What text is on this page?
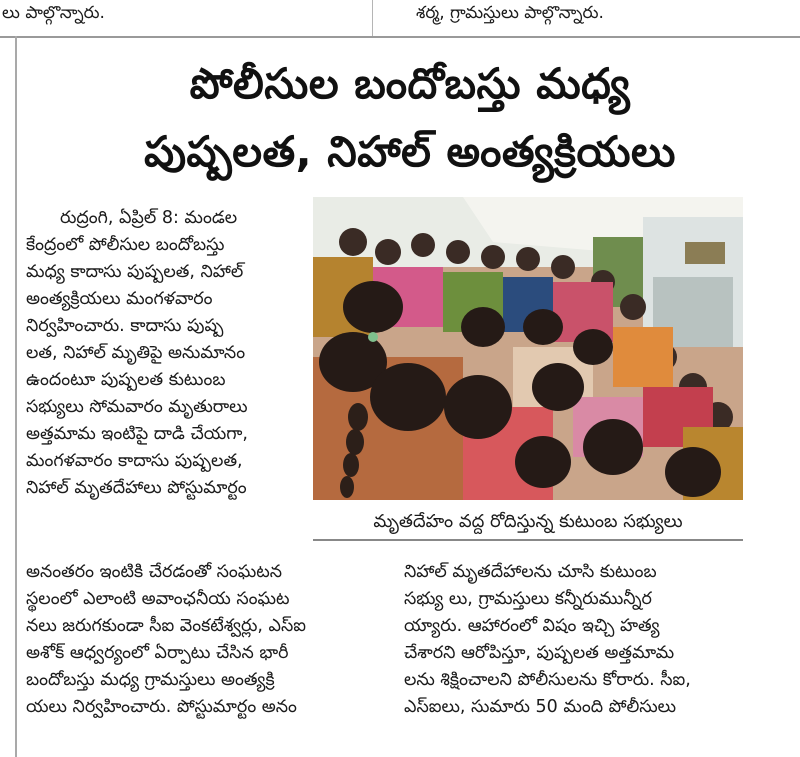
లు పాల్గొన్నారు.	శర్మ, గ్రామస్తులు పాల్గొన్నారు.
పోలీసుల బందోబస్తు మధ్య
పుష్పలత, నిహాల్ అంత్యక్రియలు
రుద్రంగి, ఏప్రిల్ 8: మండల
కేంద్రంలో పోలీసుల బందోబస్తు
మధ్య కాదాసు పుష్పలత, నిహాల్
అంత్యక్రియలు మంగళవారం
నిర్వహించారు. కాదాసు పుష్ప
లత, నిహాల్ మృతిపై అనుమానం
ఉందంటూ పుష్పలత కుటుంబ
సభ్యులు సోమవారం మృతురాలు
అత్తమామ ఇంటిపై దాడి చేయగా,
మంగళవారం కాదాసు పుష్పలత,
నిహాల్ మృతదేహాలు పోస్టుమార్టం
మృతదేహం వద్ద రోదిస్తున్న కుటుంబ సభ్యులు
అనంతరం ఇంటికి చేరడంతో సంఘటన
స్థలంలో ఎలాంటి అవాంఛనీయ సంఘట
నలు జరుగకుండా సీఐ వెంకటేశ్వర్లు, ఎస్ఐ
అశోక్ ఆధ్వర్యంలో ఏర్పాటు చేసిన భారీ
బందోబస్తు మధ్య గ్రామస్తులు అంత్యక్రి
యలు నిర్వహించారు. పోస్టుమార్టం అనం
నిహాల్ మృతదేహాలను చూసి కుటుంబ
సభ్యు లు, గ్రామస్తులు కన్నీరుమున్నీర
య్యారు. ఆహారంలో విషం ఇచ్చి హత్య
చేశారని ఆరోపిస్తూ, పుష్పలత అత్తమామ
లను శిక్షించాలని పోలీసులను కోరారు. సీఐ,
ఎస్ఐలు, సుమారు 50 మంది పోలీసులు
